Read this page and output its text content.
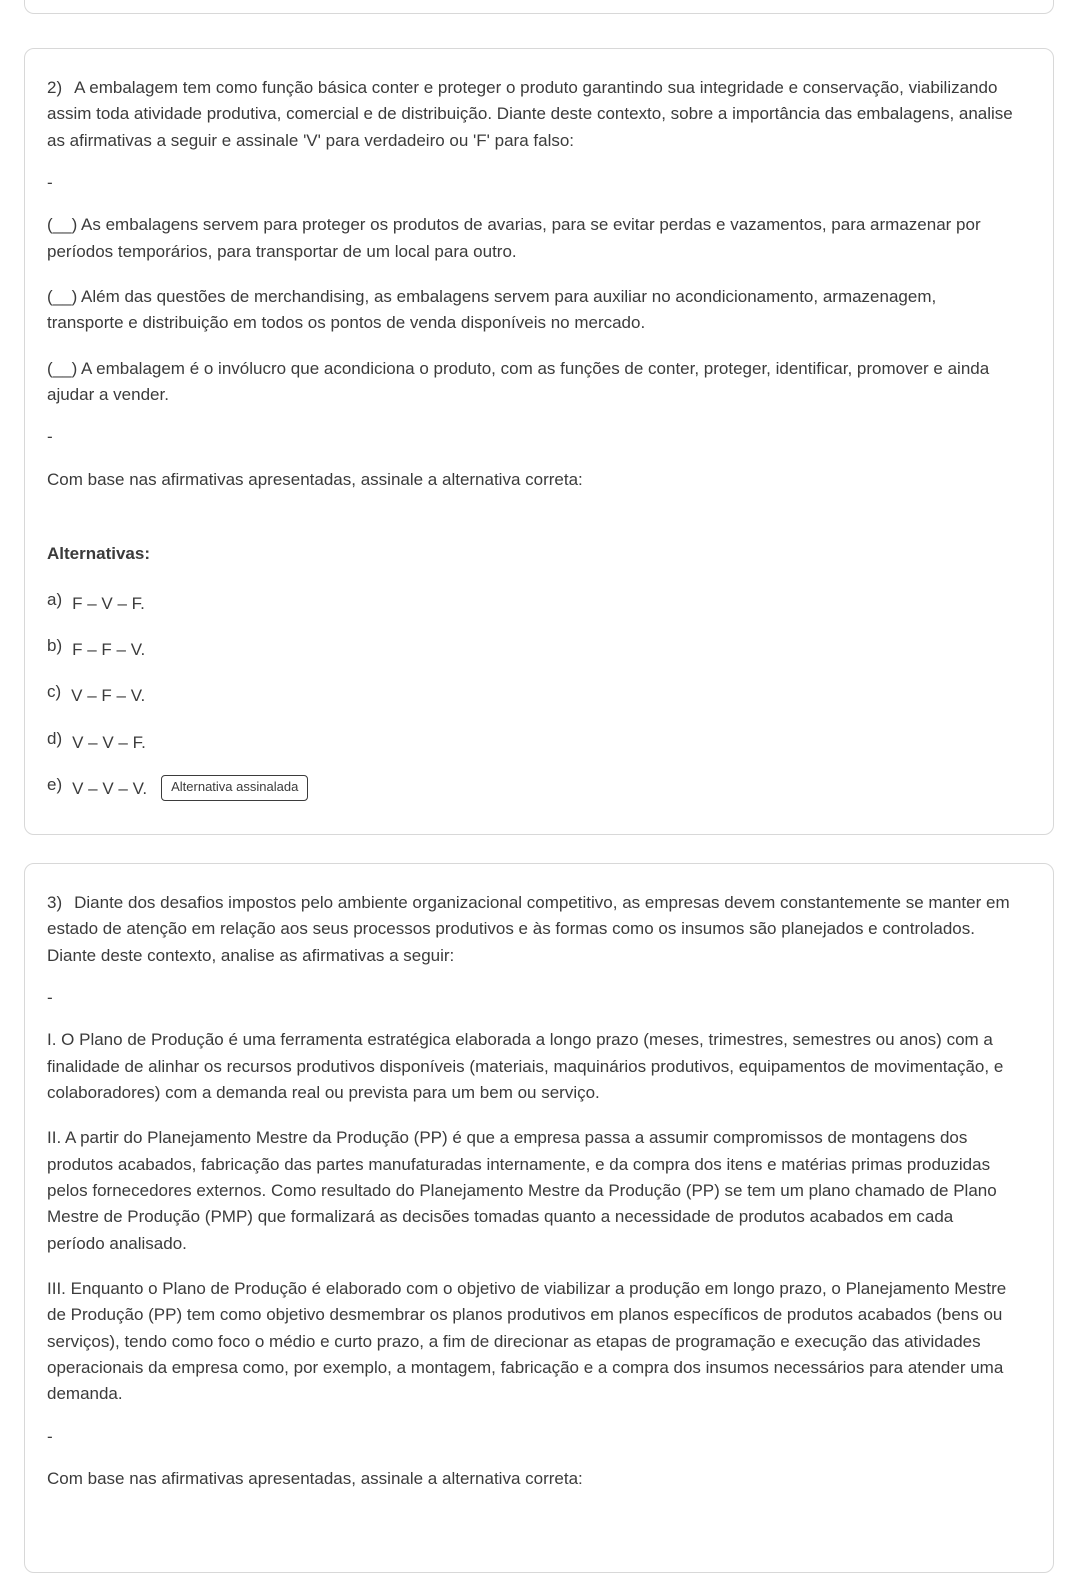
2) A embalagem tem como função básica conter e proteger o produto garantindo sua integridade e conservação, viabilizando assim toda atividade produtiva, comercial e de distribuição. Diante deste contexto, sobre a importância das embalagens, analise as afirmativas a seguir e assinale 'V' para verdadeiro ou 'F' para falso:

-

(__) As embalagens servem para proteger os produtos de avarias, para se evitar perdas e vazamentos, para armazenar por períodos temporários, para transportar de um local para outro.

(__) Além das questões de merchandising, as embalagens servem para auxiliar no acondicionamento, armazenagem, transporte e distribuição em todos os pontos de venda disponíveis no mercado.

(__) A embalagem é o invólucro que acondiciona o produto, com as funções de conter, proteger, identificar, promover e ainda ajudar a vender.

-

Com base nas afirmativas apresentadas, assinale a alternativa correta:

Alternativas:

a) F – V – F.
b) F – F – V.
c) V – F – V.
d) V – V – F.
e) V – V – V. Alternativa assinalada

3) Diante dos desafios impostos pelo ambiente organizacional competitivo, as empresas devem constantemente se manter em estado de atenção em relação aos seus processos produtivos e às formas como os insumos são planejados e controlados. Diante deste contexto, analise as afirmativas a seguir:

-

I. O Plano de Produção é uma ferramenta estratégica elaborada a longo prazo (meses, trimestres, semestres ou anos) com a finalidade de alinhar os recursos produtivos disponíveis (materiais, maquinários produtivos, equipamentos de movimentação, e colaboradores) com a demanda real ou prevista para um bem ou serviço.

II. A partir do Planejamento Mestre da Produção (PP) é que a empresa passa a assumir compromissos de montagens dos produtos acabados, fabricação das partes manufaturadas internamente, e da compra dos itens e matérias primas produzidas pelos fornecedores externos. Como resultado do Planejamento Mestre da Produção (PP) se tem um plano chamado de Plano Mestre de Produção (PMP) que formalizará as decisões tomadas quanto a necessidade de produtos acabados em cada período analisado.

III. Enquanto o Plano de Produção é elaborado com o objetivo de viabilizar a produção em longo prazo, o Planejamento Mestre de Produção (PP) tem como objetivo desmembrar os planos produtivos em planos específicos de produtos acabados (bens ou serviços), tendo como foco o médio e curto prazo, a fim de direcionar as etapas de programação e execução das atividades operacionais da empresa como, por exemplo, a montagem, fabricação e a compra dos insumos necessários para atender uma demanda.

-

Com base nas afirmativas apresentadas, assinale a alternativa correta:
